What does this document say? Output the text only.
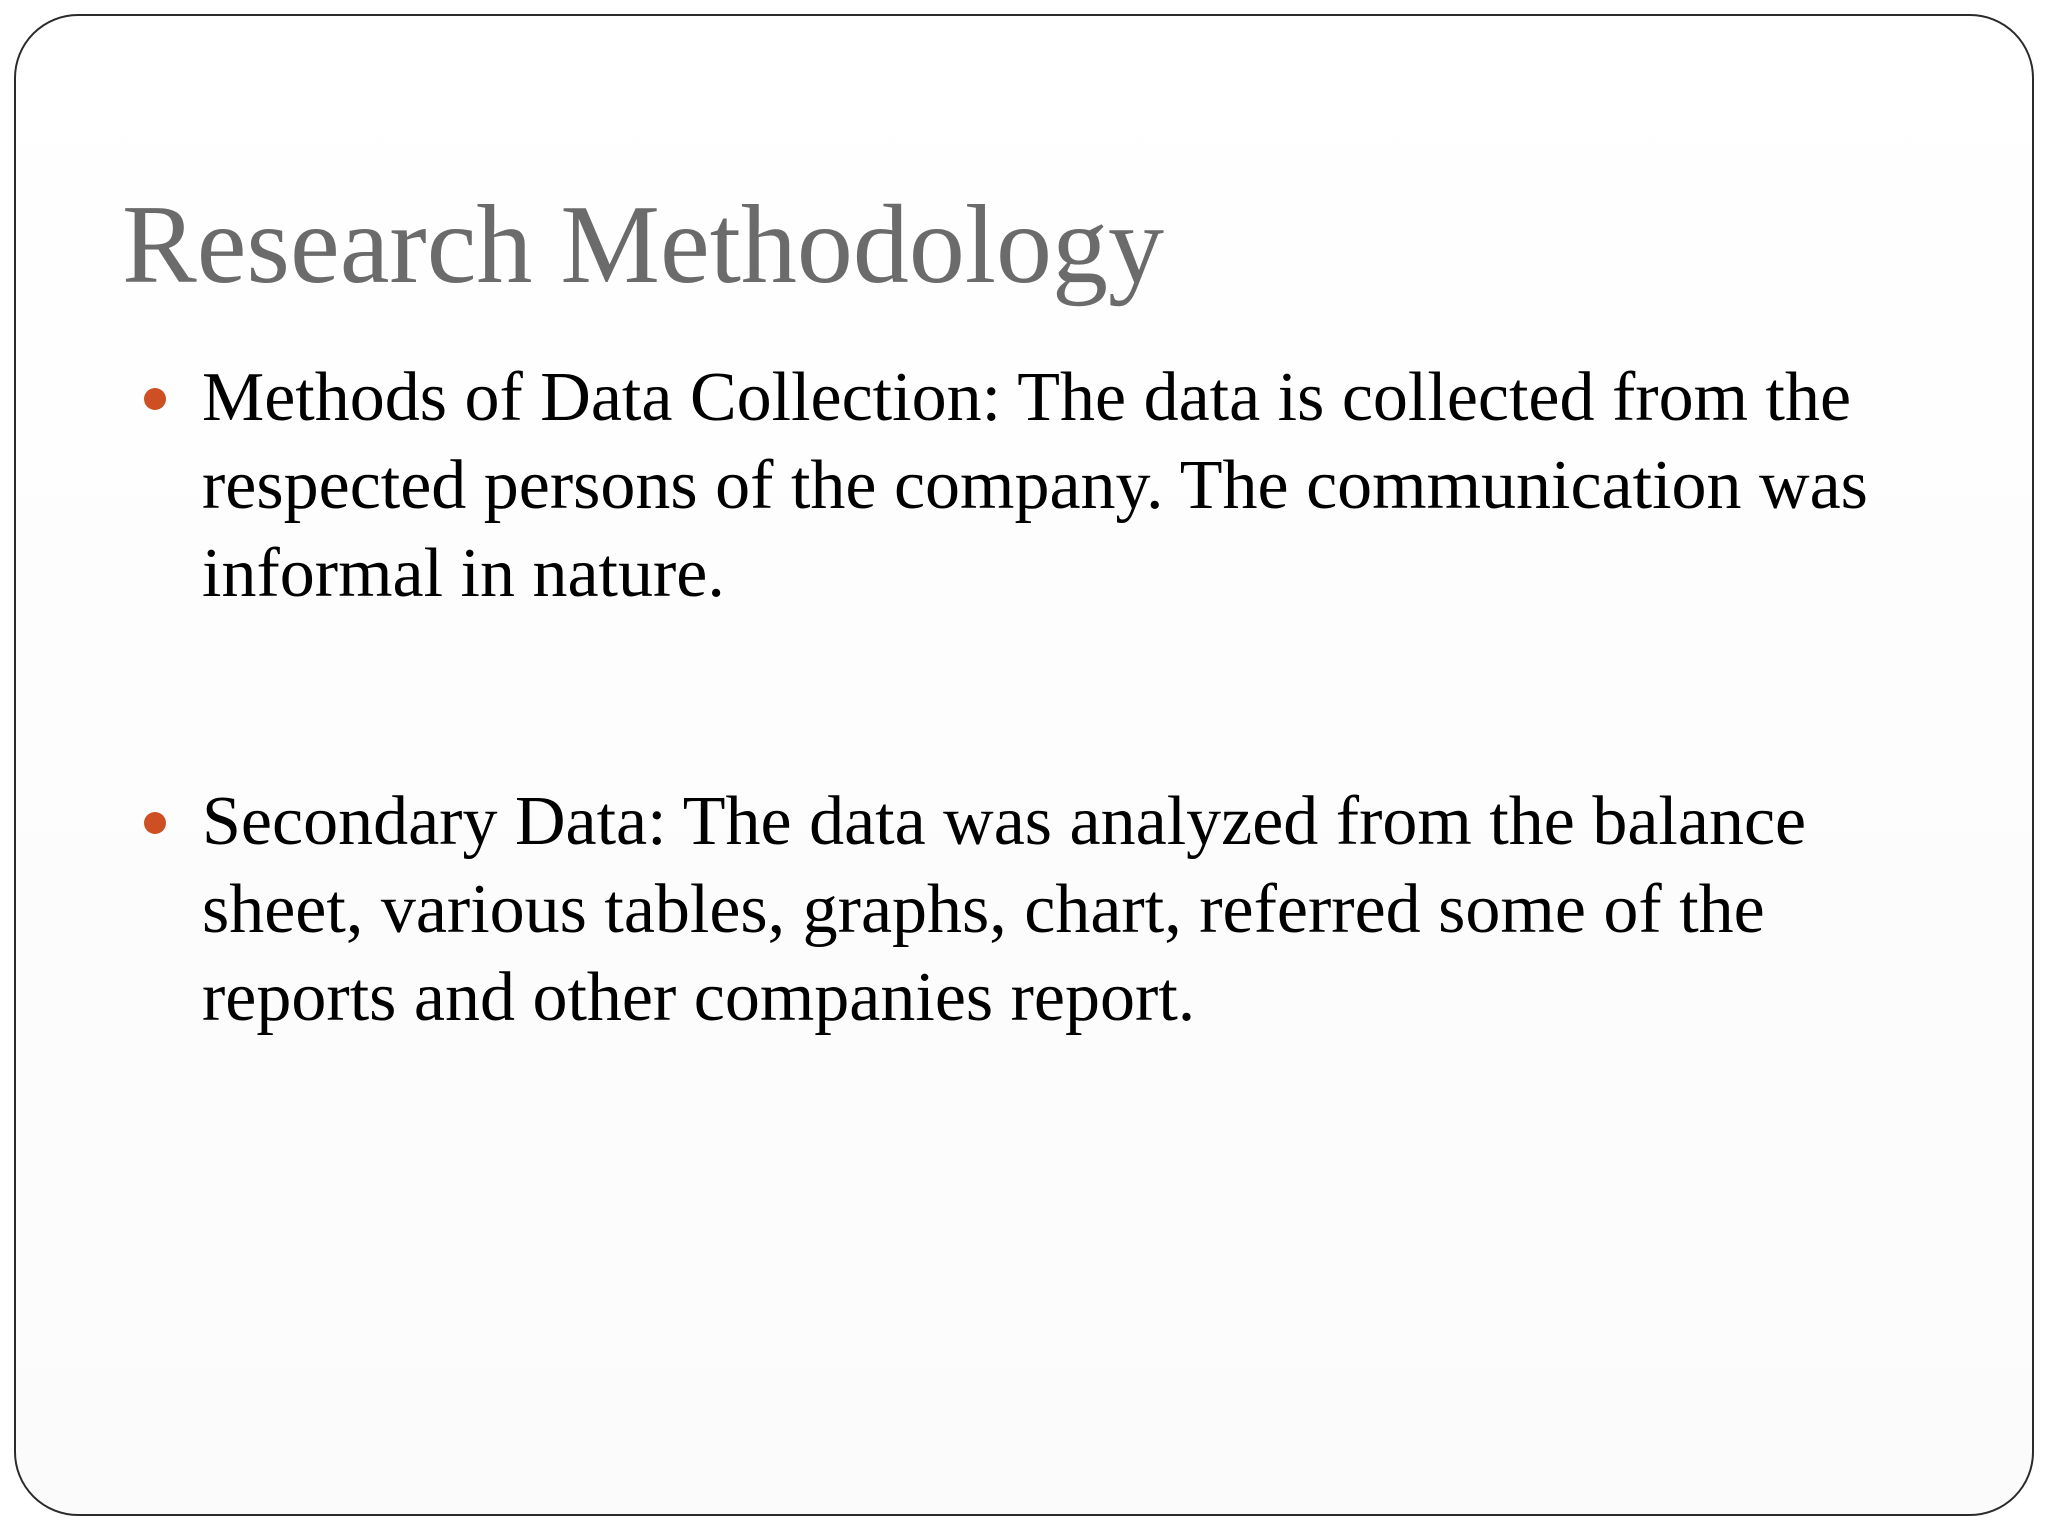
Research Methodology
Methods of Data Collection: The data is collected from the respected persons of the company. The communication was informal in nature.
Secondary Data: The data was analyzed from the balance sheet, various tables, graphs, chart, referred some of the reports and other companies report.
